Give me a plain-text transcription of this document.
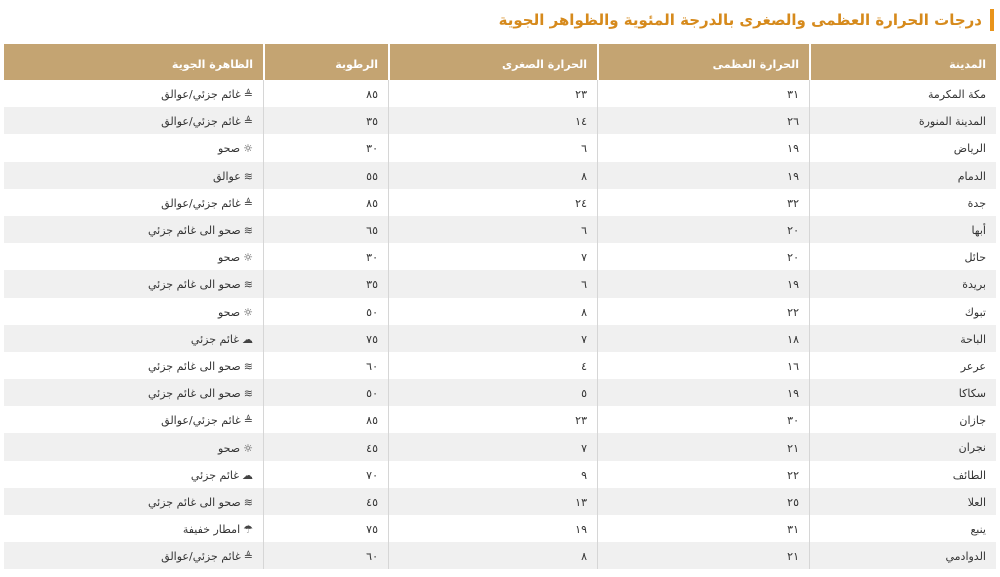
درجات الحرارة العظمى والصغرى بالدرجة المئوية والظواهر الجوية
المدينة
الحرارة العظمى
الحرارة الصغرى
الرطوبة
الظاهرة الجوية
مكة المكرمة
٣١
٢٣
٨٥
≜
غائم جزئي/عوالق
المدينة المنورة
٢٦
١٤
٣٥
≜
غائم جزئي/عوالق
الرياض
١٩
٦
٣٠
☼
صحو
الدمام
١٩
٨
٥٥
≋
عوالق
جدة
٣٢
٢٤
٨٥
≜
غائم جزئي/عوالق
أبها
٢٠
٦
٦٥
≋
صحو الى غائم جزئي
حائل
٢٠
٧
٣٠
☼
صحو
بريدة
١٩
٦
٣٥
≋
صحو الى غائم جزئي
تبوك
٢٢
٨
٥٠
☼
صحو
الباحة
١٨
٧
٧٥
☁
غائم جزئي
عرعر
١٦
٤
٦٠
≋
صحو الى غائم جزئي
سكاكا
١٩
٥
٥٠
≋
صحو الى غائم جزئي
جازان
٣٠
٢٣
٨٥
≜
غائم جزئي/عوالق
نجران
٢١
٧
٤٥
☼
صحو
الطائف
٢٢
٩
٧٠
☁
غائم جزئي
العلا
٢٥
١٣
٤٥
≋
صحو الى غائم جزئي
ينبع
٣١
١٩
٧٥
☂
امطار خفيفة
الدوادمي
٢١
٨
٦٠
≜
غائم جزئي/عوالق
